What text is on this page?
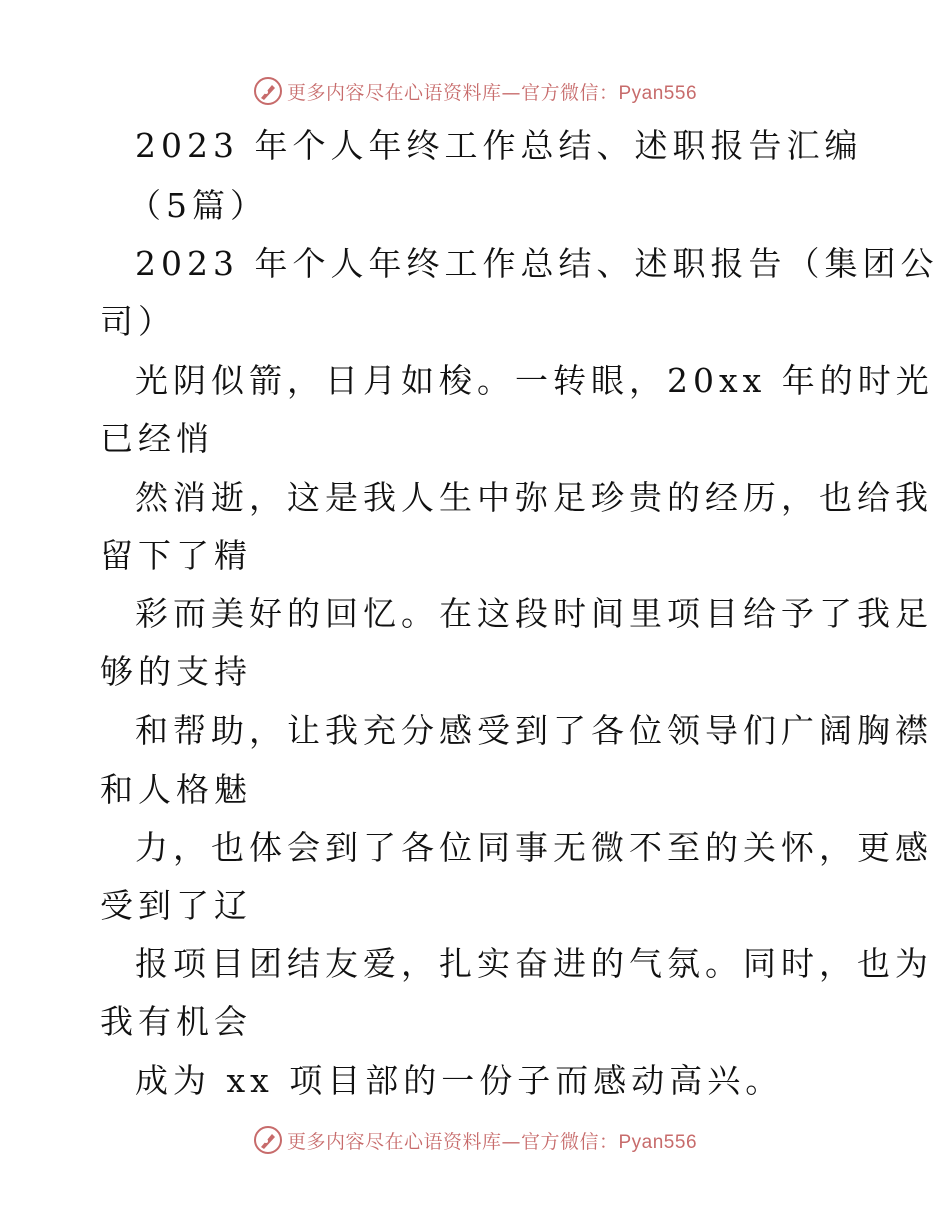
更多内容尽在心语资料库—官方微信：Pyan556
2023 年个人年终工作总结、述职报告汇编
（5篇）
2023 年个人年终工作总结、述职报告（集团公
司）
光阴似箭，日月如梭。一转眼，20xx 年的时光
已经悄
然消逝，这是我人生中弥足珍贵的经历，也给我
留下了精
彩而美好的回忆。在这段时间里项目给予了我足
够的支持
和帮助，让我充分感受到了各位领导们广阔胸襟
和人格魅
力，也体会到了各位同事无微不至的关怀，更感
受到了辽
报项目团结友爱，扎实奋进的气氛。同时，也为
我有机会
成为 xx 项目部的一份子而感动高兴。
更多内容尽在心语资料库—官方微信：Pyan556
